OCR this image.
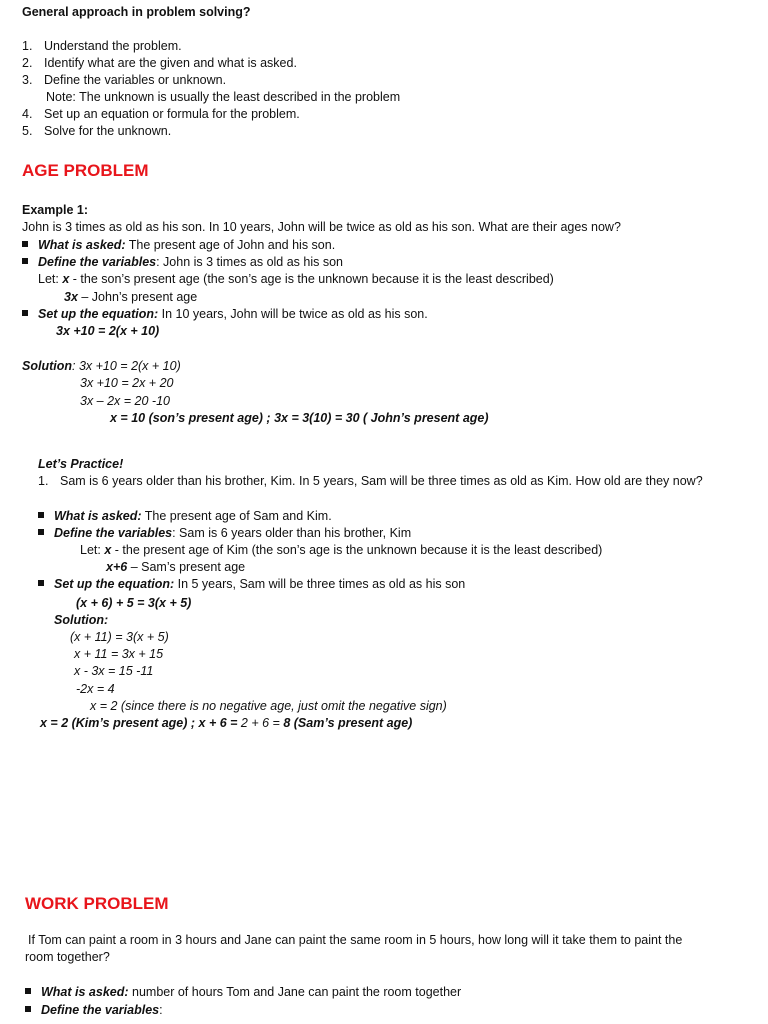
General approach in problem solving?
1. Understand the problem.
2. Identify what are the given and what is asked.
3. Define the variables or unknown.
Note: The unknown is usually the least described in the problem
4. Set up an equation or formula for the problem.
5. Solve for the unknown.
AGE PROBLEM
Example 1:
John is 3 times as old as his son. In 10 years, John will be twice as old as his son. What are their ages now?
What is asked: The present age of John and his son.
Define the variables: John is 3 times as old as his son
Let: x - the son’s present age (the son’s age is the unknown because it is the least described)
3x – John’s present age
Set up the equation: In 10 years, John will be twice as old as his son.
3x +10 = 2(x + 10)
Solution: 3x +10 = 2(x + 10)
3x +10 = 2x + 20
3x – 2x = 20 -10
x = 10 (son’s present age) ; 3x = 3(10) = 30 ( John’s present age)
Let’s Practice!
1. Sam is 6 years older than his brother, Kim. In 5 years, Sam will be three times as old as Kim. How old are they now?
What is asked: The present age of Sam and Kim.
Define the variables: Sam is 6 years older than his brother, Kim
Let: x - the present age of Kim (the son’s age is the unknown because it is the least described)
x+6 – Sam’s present age
Set up the equation: In 5 years, Sam will be three times as old as his son
(x + 6) + 5 = 3(x + 5)
Solution:
(x + 11) = 3(x + 5)
x + 11 = 3x + 15
x - 3x = 15 -11
-2x = 4
x = 2 (since there is no negative age, just omit the negative sign)
x = 2 (Kim’s present age) ; x + 6 = 2 + 6 = 8 (Sam’s present age)
WORK PROBLEM
If Tom can paint a room in 3 hours and Jane can paint the same room in 5 hours, how long will it take them to paint the
room together?
What is asked: number of hours Tom and Jane can paint the room together
Define the variables:
